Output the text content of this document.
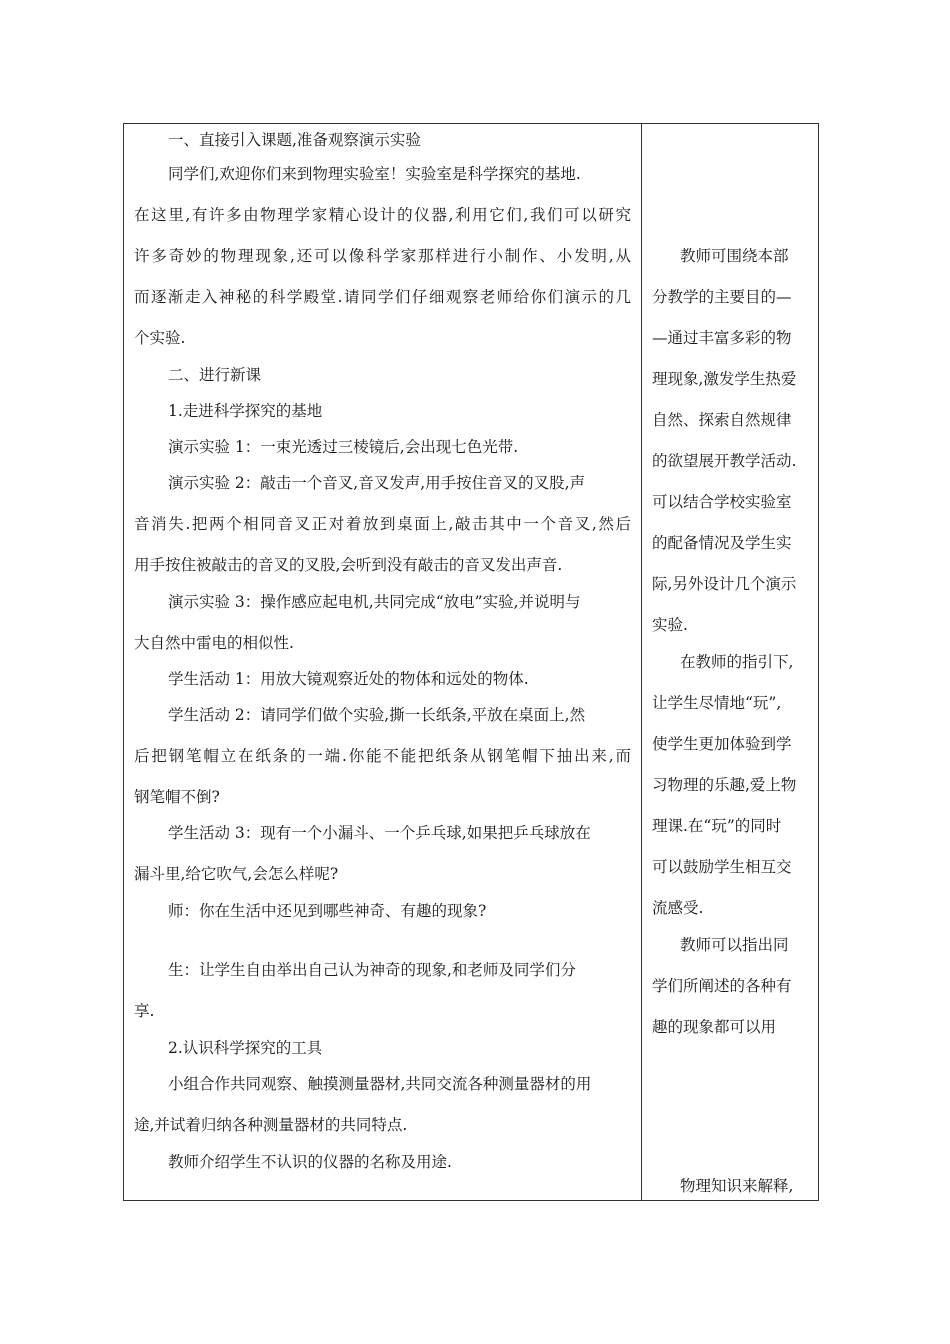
一、直接引入课题,准备观察演示实验
同学们,欢迎你们来到物理实验室！实验室是科学探究的基地.
在这里,有许多由物理学家精心设计的仪器,利用它们,我们可以研究
许多奇妙的物理现象,还可以像科学家那样进行小制作、小发明,从
而逐渐走入神秘的科学殿堂.请同学们仔细观察老师给你们演示的几
个实验.
二、进行新课
1.走进科学探究的基地
演示实验 1：一束光透过三棱镜后,会出现七色光带.
演示实验 2：敲击一个音叉,音叉发声,用手按住音叉的叉股,声
音消失.把两个相同音叉正对着放到桌面上,敲击其中一个音叉,然后
用手按住被敲击的音叉的叉股,会听到没有敲击的音叉发出声音.
演示实验 3：操作感应起电机,共同完成“放电”实验,并说明与
大自然中雷电的相似性.
学生活动 1：用放大镜观察近处的物体和远处的物体.
学生活动 2：请同学们做个实验,撕一长纸条,平放在桌面上,然
后把钢笔帽立在纸条的一端.你能不能把纸条从钢笔帽下抽出来,而
钢笔帽不倒?
学生活动 3：现有一个小漏斗、一个乒乓球,如果把乒乓球放在
漏斗里,给它吹气,会怎么样呢?
师：你在生活中还见到哪些神奇、有趣的现象?
生：让学生自由举出自己认为神奇的现象,和老师及同学们分
享.
2.认识科学探究的工具
小组合作共同观察、触摸测量器材,共同交流各种测量器材的用
途,并试着归纳各种测量器材的共同特点.
教师介绍学生不认识的仪器的名称及用途.
教师可围绕本部
分教学的主要目的—
—通过丰富多彩的物
理现象,激发学生热爱
自然、探索自然规律
的欲望展开教学活动.
可以结合学校实验室
的配备情况及学生实
际,另外设计几个演示
实验.
在教师的指引下,
让学生尽情地“玩”,
使学生更加体验到学
习物理的乐趣,爱上物
理课.在“玩”的同时
可以鼓励学生相互交
流感受.
教师可以指出同
学们所阐述的各种有
趣的现象都可以用
物理知识来解释,
